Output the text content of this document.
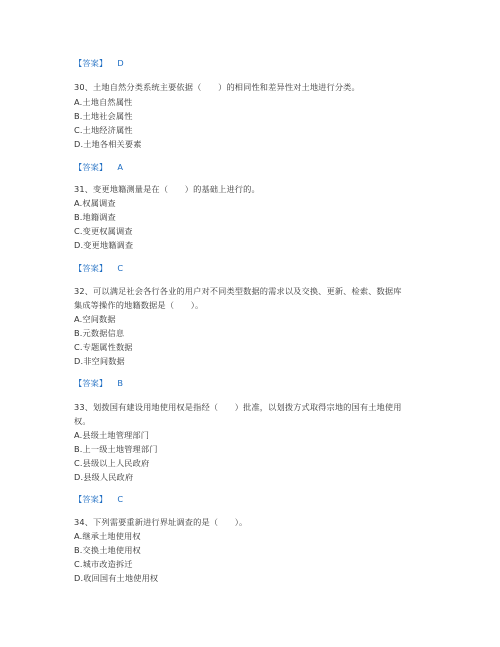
【答案】 D
30、土地自然分类系统主要依据（　　）的相同性和差异性对土地进行分类。
A.土地自然属性
B.土地社会属性
C.土地经济属性
D.土地各相关要素
【答案】 A
31、变更地籍测量是在（　　）的基础上进行的。
A.权属调查
B.地籍调查
C.变更权属调查
D.变更地籍调查
【答案】 C
32、可以满足社会各行各业的用户对不同类型数据的需求以及交换、更新、检索、数据库
集成等操作的地籍数据是（　　）。
A.空间数据
B.元数据信息
C.专题属性数据
D.非空间数据
【答案】 B
33、划拨国有建设用地使用权是指经（　　）批准，以划拨方式取得宗地的国有土地使用
权。
A.县级土地管理部门
B.上一级土地管理部门
C.县级以上人民政府
D.县级人民政府
【答案】 C
34、下列需要重新进行界址调查的是（　　）。
A.继承土地使用权
B.交换土地使用权
C.城市改造拆迁
D.收回国有土地使用权
